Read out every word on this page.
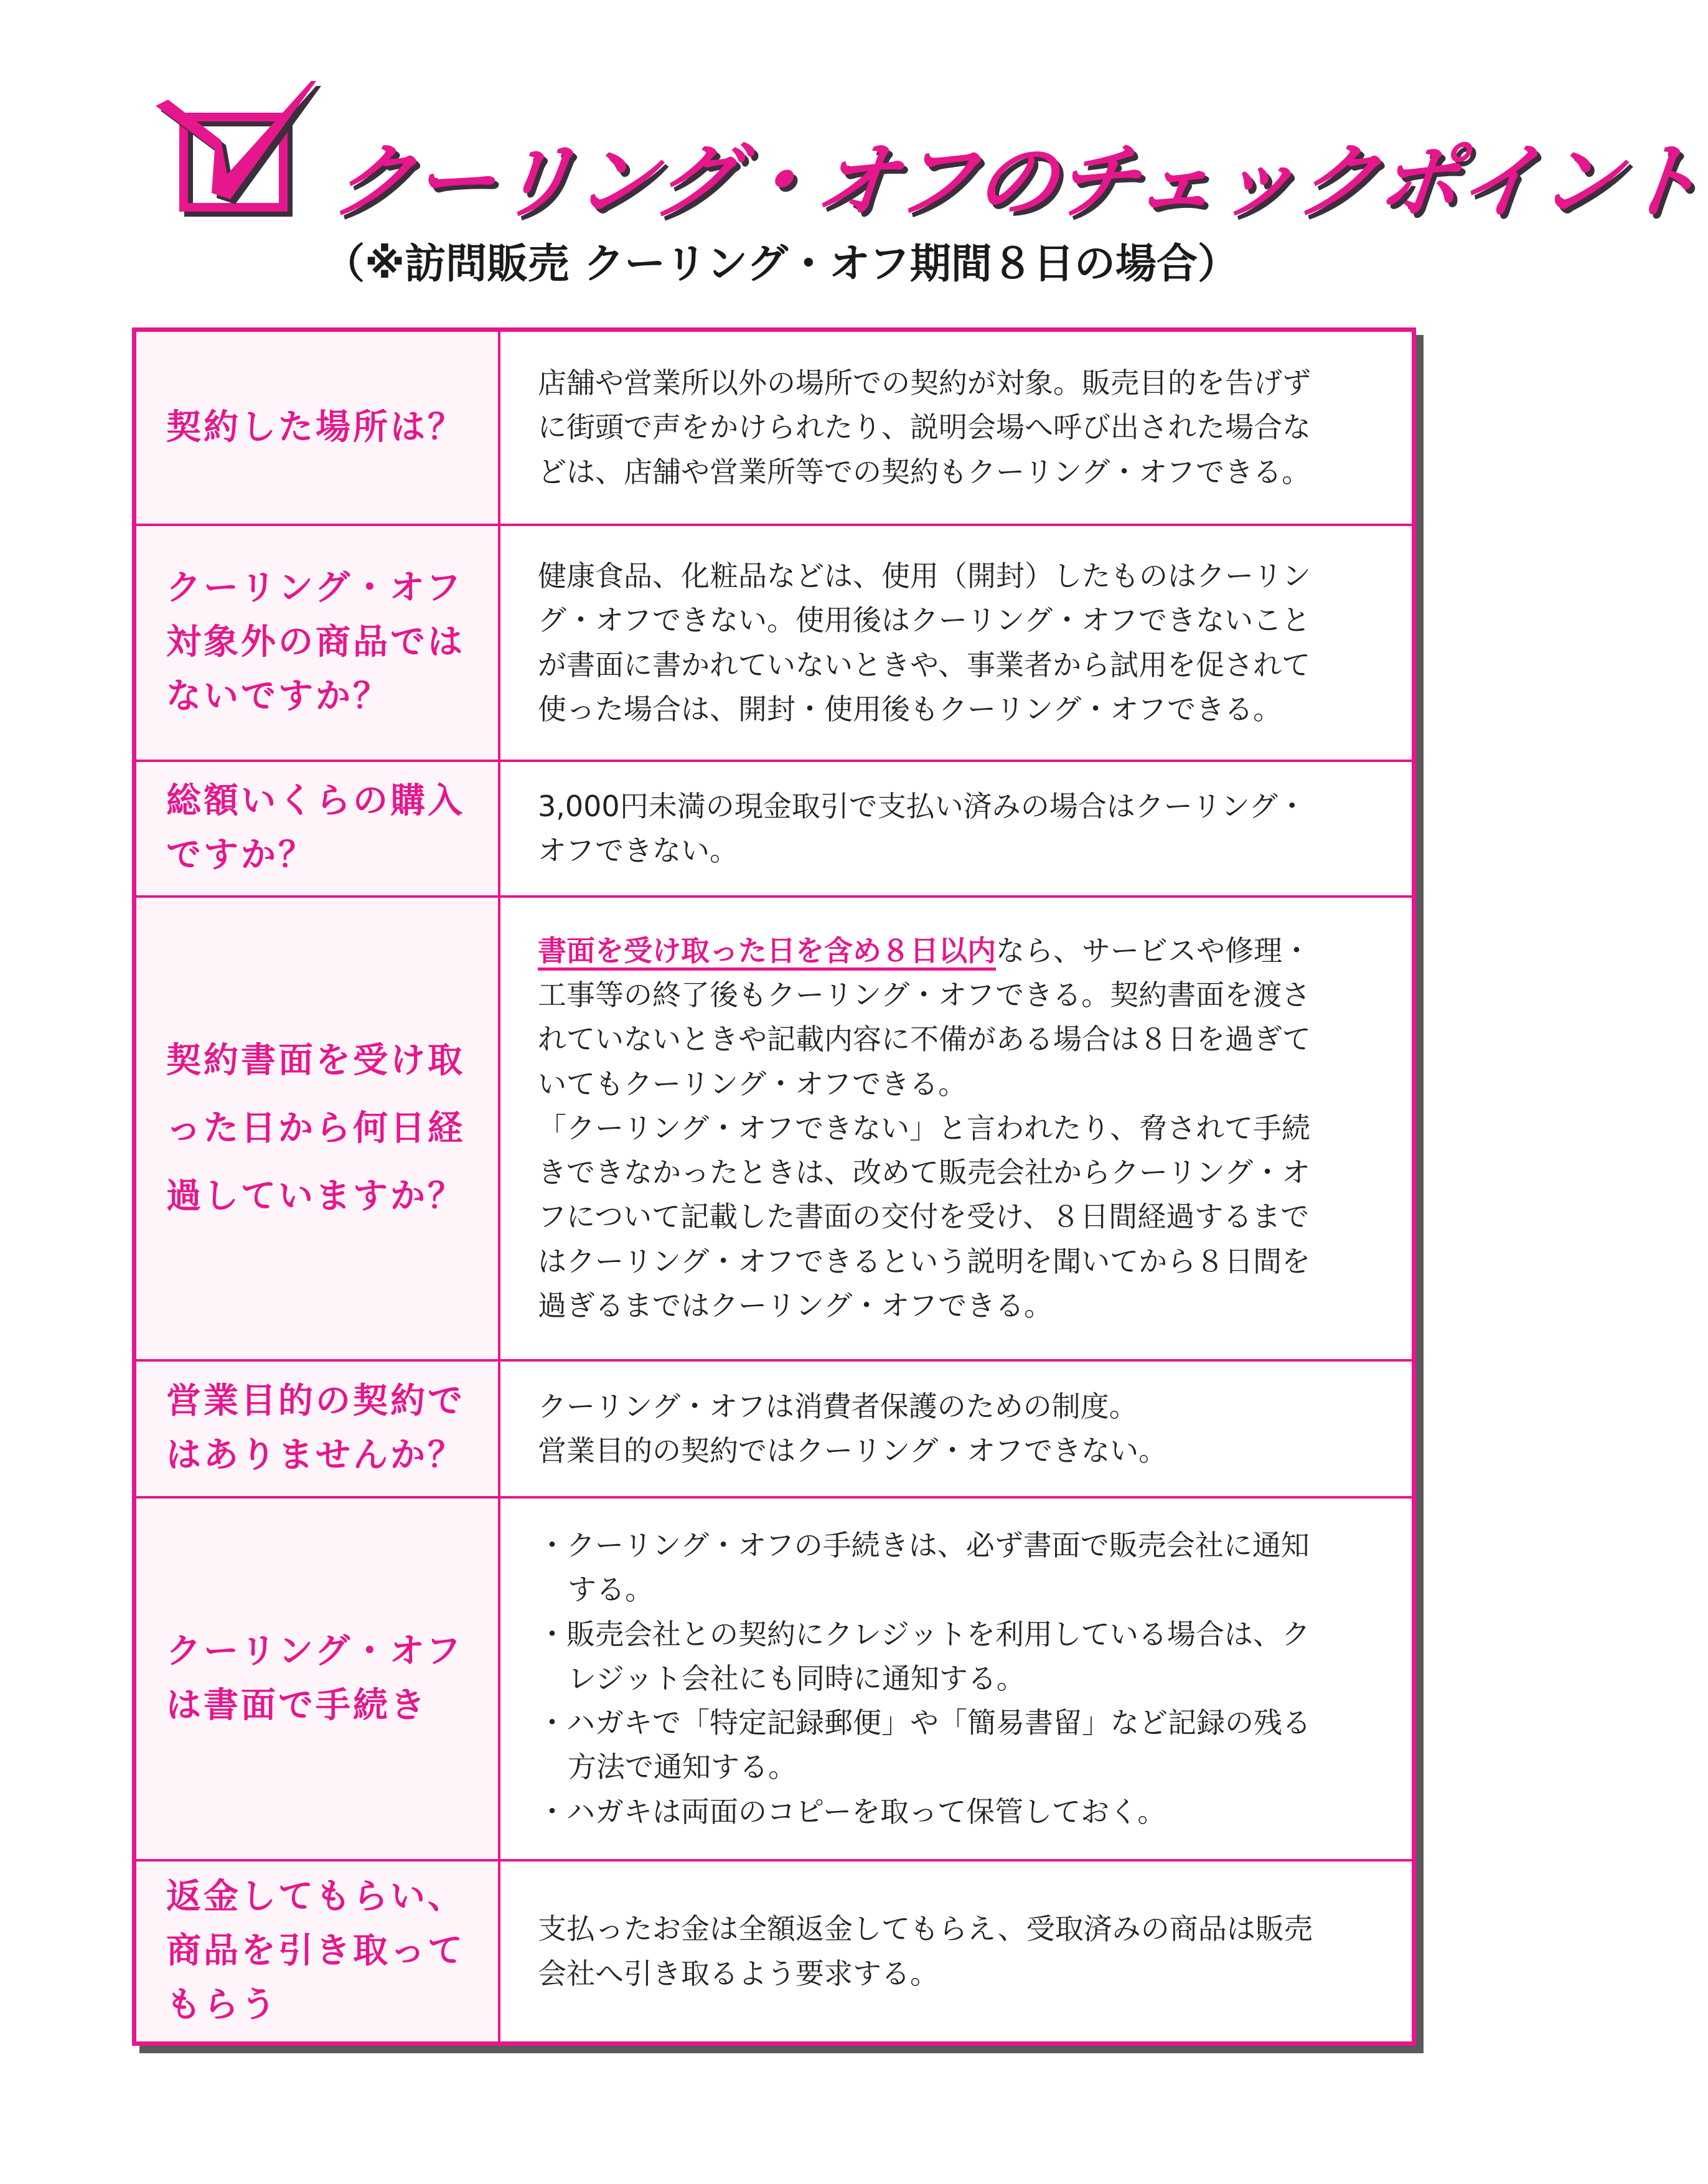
クーリング・オフのチェックポイント
（※訪問販売 クーリング・オフ期間８日の場合）
契約した場所は？
店舗や営業所以外の場所での契約が対象。販売目的を告げず
に街頭で声をかけられたり、説明会場へ呼び出された場合な
どは、店舗や営業所等での契約もクーリング・オフできる。
クーリング・オフ
対象外の商品では
ないですか？
健康食品、化粧品などは、使用（開封）したものはクーリン
グ・オフできない。使用後はクーリング・オフできないこと
が書面に書かれていないときや、事業者から試用を促されて
使った場合は、開封・使用後もクーリング・オフできる。
総額いくらの購入
ですか？
3,000円未満の現金取引で支払い済みの場合はクーリング・
オフできない。
契約書面を受け取
った日から何日経
過していますか？
書面を受け取った日を含め８日以内なら、サービスや修理・
工事等の終了後もクーリング・オフできる。契約書面を渡さ
れていないときや記載内容に不備がある場合は８日を過ぎて
いてもクーリング・オフできる。
「クーリング・オフできない」と言われたり、脅されて手続
きできなかったときは、改めて販売会社からクーリング・オ
フについて記載した書面の交付を受け、８日間経過するまで
はクーリング・オフできるという説明を聞いてから８日間を
過ぎるまではクーリング・オフできる。
営業目的の契約で
はありませんか？
クーリング・オフは消費者保護のための制度。
営業目的の契約ではクーリング・オフできない。
クーリング・オフ
は書面で手続き
・クーリング・オフの手続きは、必ず書面で販売会社に通知
する。
・販売会社との契約にクレジットを利用している場合は、ク
レジット会社にも同時に通知する。
・ハガキで「特定記録郵便」や「簡易書留」など記録の残る
方法で通知する。
・ハガキは両面のコピーを取って保管しておく。
返金してもらい、
商品を引き取って
もらう
支払ったお金は全額返金してもらえ、受取済みの商品は販売
会社へ引き取るよう要求する。
